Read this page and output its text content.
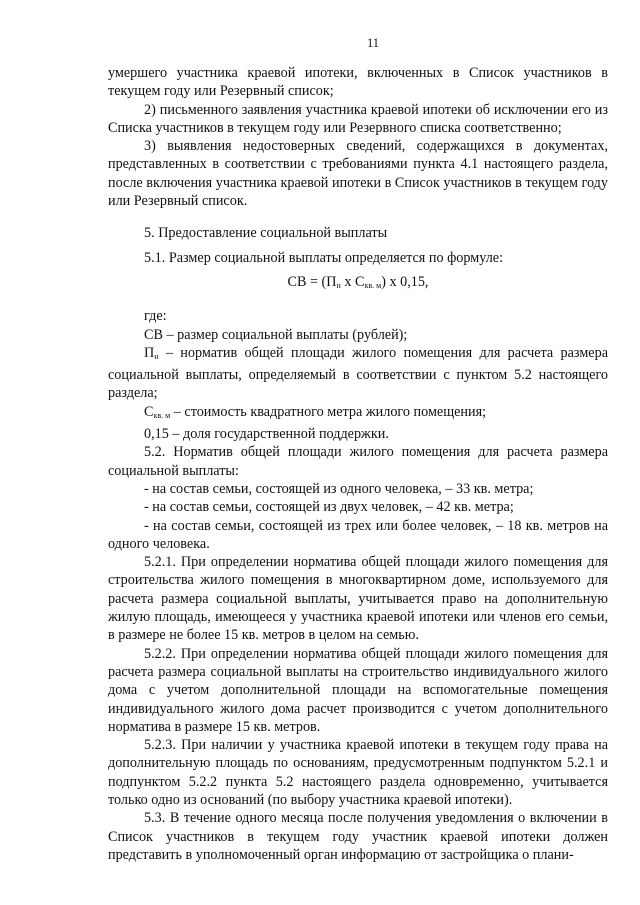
11

умершего участника краевой ипотеки, включенных в Список участников в текущем году или Резервный список;

2) письменного заявления участника краевой ипотеки об исключении его из Списка участников в текущем году или Резервного списка соответственно;

3) выявления недостоверных сведений, содержащихся в документах, представленных в соответствии с требованиями пункта 4.1 настоящего раздела, после включения участника краевой ипотеки в Список участников в текущем году или Резервный список.

5. Предоставление социальной выплаты

5.1. Размер социальной выплаты определяется по формуле:

СВ = ($П_н$ х $С_{кв. м}$) х 0,15,

где:

СВ – размер социальной выплаты (рублей);

$П_н$ – норматив общей площади жилого помещения для расчета размера социальной выплаты, определяемый в соответствии с пунктом 5.2 настоящего раздела;

$С_{кв. м}$ – стоимость квадратного метра жилого помещения;

0,15 – доля государственной поддержки.

5.2. Норматив общей площади жилого помещения для расчета размера социальной выплаты:

- на состав семьи, состоящей из одного человека, – 33 кв. метра;

- на состав семьи, состоящей из двух человек, – 42 кв. метра;

- на состав семьи, состоящей из трех или более человек, – 18 кв. метров на одного человека.

5.2.1. При определении норматива общей площади жилого помещения для строительства жилого помещения в многоквартирном доме, используемого для расчета размера социальной выплаты, учитывается право на дополнительную жилую площадь, имеющееся у участника краевой ипотеки или членов его семьи, в размере не более 15 кв. метров в целом на семью.

5.2.2. При определении норматива общей площади жилого помещения для расчета размера социальной выплаты на строительство индивидуального жилого дома с учетом дополнительной площади на вспомогательные помещения индивидуального жилого дома расчет производится с учетом дополнительного норматива в размере 15 кв. метров.

5.2.3. При наличии у участника краевой ипотеки в текущем году права на дополнительную площадь по основаниям, предусмотренным подпунктом 5.2.1 и подпунктом 5.2.2 пункта 5.2 настоящего раздела одновременно, учитывается только одно из оснований (по выбору участника краевой ипотеки).

5.3. В течение одного месяца после получения уведомления о включении в Список участников в текущем году участник краевой ипотеки должен представить в уполномоченный орган информацию от застройщика о плани-
